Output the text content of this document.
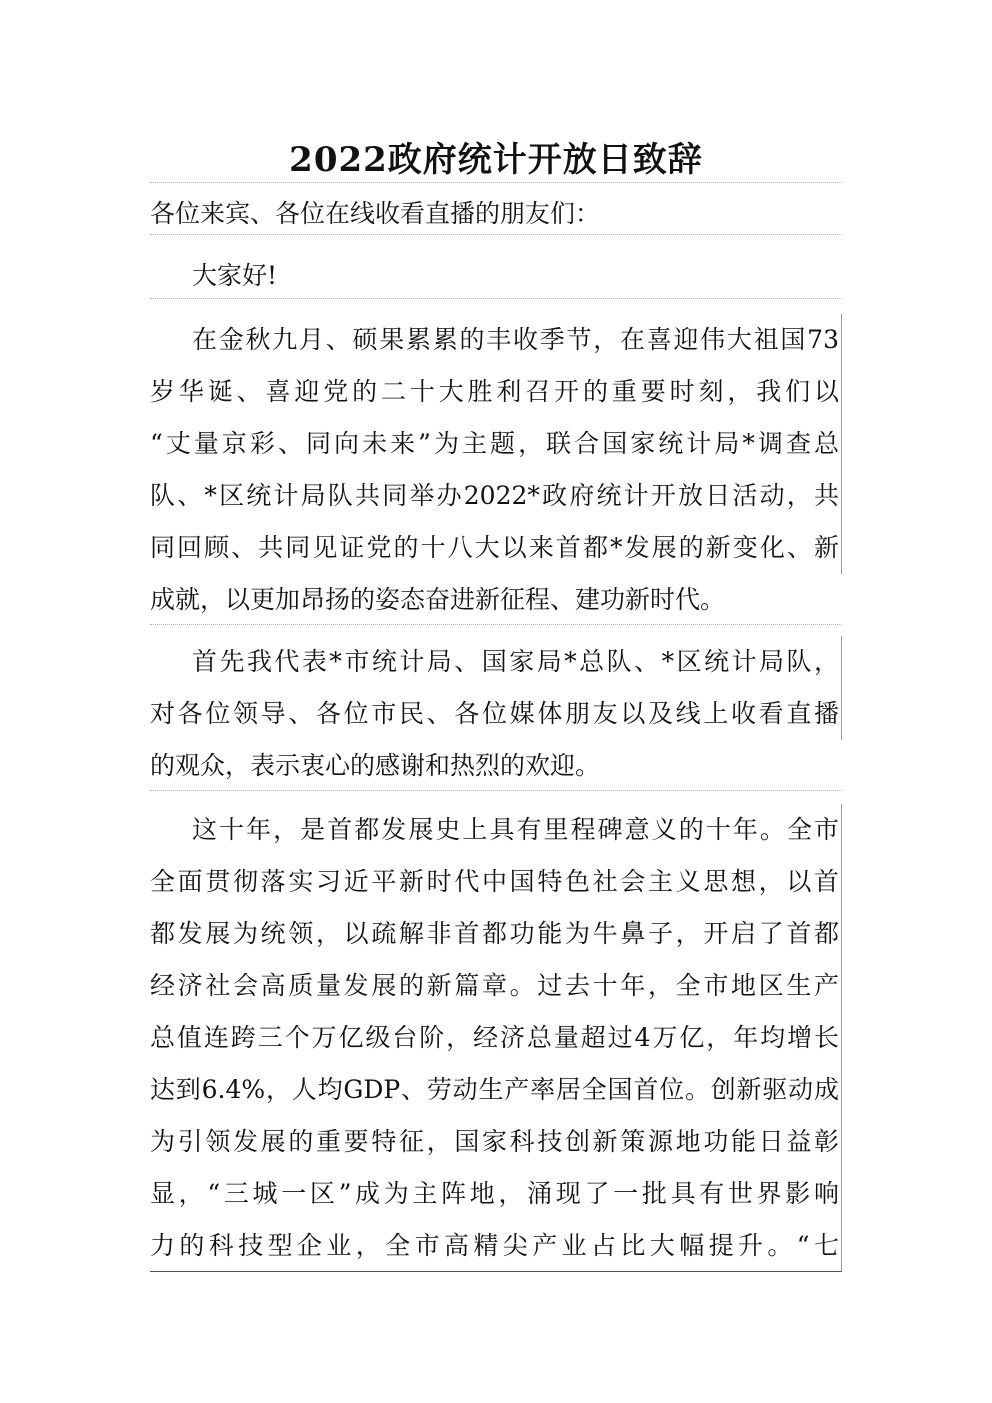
2022政府统计开放日致辞
各位来宾、各位在线收看直播的朋友们：
大家好!
在金秋九月、硕果累累的丰收季节，在喜迎伟大祖国73
岁华诞、喜迎党的二十大胜利召开的重要时刻，我们以
“丈量京彩、同向未来”为主题，联合国家统计局*调查总
队、*区统计局队共同举办2022*政府统计开放日活动，共
同回顾、共同见证党的十八大以来首都*发展的新变化、新
成就，以更加昂扬的姿态奋进新征程、建功新时代。
首先我代表*市统计局、国家局*总队、*区统计局队，
对各位领导、各位市民、各位媒体朋友以及线上收看直播
的观众，表示衷心的感谢和热烈的欢迎。
这十年，是首都发展史上具有里程碑意义的十年。全市
全面贯彻落实习近平新时代中国特色社会主义思想，以首
都发展为统领，以疏解非首都功能为牛鼻子，开启了首都
经济社会高质量发展的新篇章。过去十年，全市地区生产
总值连跨三个万亿级台阶，经济总量超过4万亿，年均增长
达到6.4%，人均GDP、劳动生产率居全国首位。创新驱动成
为引领发展的重要特征，国家科技创新策源地功能日益彰
显，“三城一区”成为主阵地，涌现了一批具有世界影响
力的科技型企业，全市高精尖产业占比大幅提升。“七
